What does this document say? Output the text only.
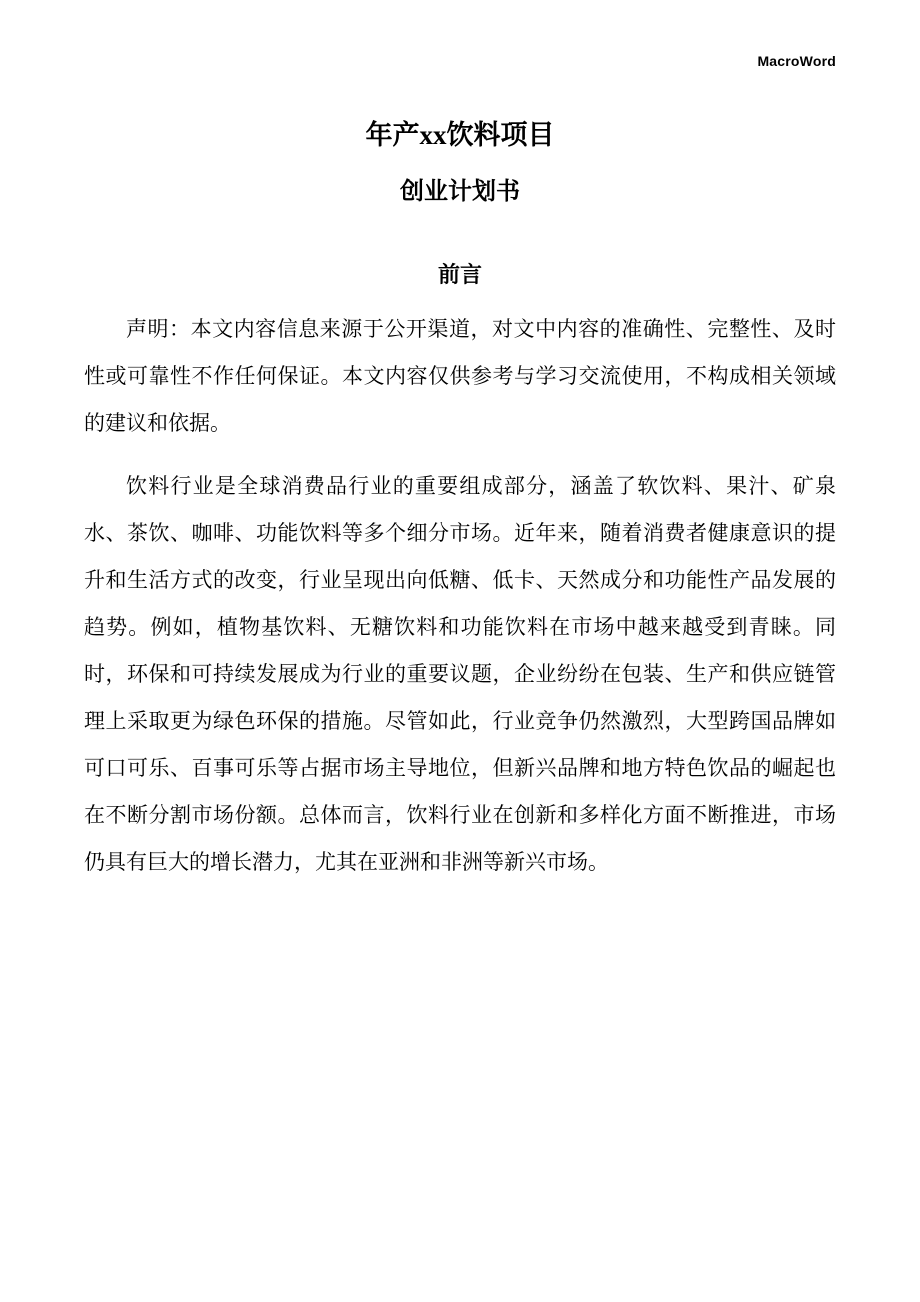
MacroWord
年产xx饮料项目
创业计划书
前言

声明：本文内容信息来源于公开渠道，对文中内容的准确性、完整性、及时性或可靠性不作任何保证。本文内容仅供参考与学习交流使用，不构成相关领域的建议和依据。

饮料行业是全球消费品行业的重要组成部分，涵盖了软饮料、果汁、矿泉水、茶饮、咖啡、功能饮料等多个细分市场。近年来，随着消费者健康意识的提升和生活方式的改变，行业呈现出向低糖、低卡、天然成分和功能性产品发展的趋势。例如，植物基饮料、无糖饮料和功能饮料在市场中越来越受到青睐。同时，环保和可持续发展成为行业的重要议题，企业纷纷在包装、生产和供应链管理上采取更为绿色环保的措施。尽管如此，行业竞争仍然激烈，大型跨国品牌如可口可乐、百事可乐等占据市场主导地位，但新兴品牌和地方特色饮品的崛起也在不断分割市场份额。总体而言，饮料行业在创新和多样化方面不断推进，市场仍具有巨大的增长潜力，尤其在亚洲和非洲等新兴市场。
